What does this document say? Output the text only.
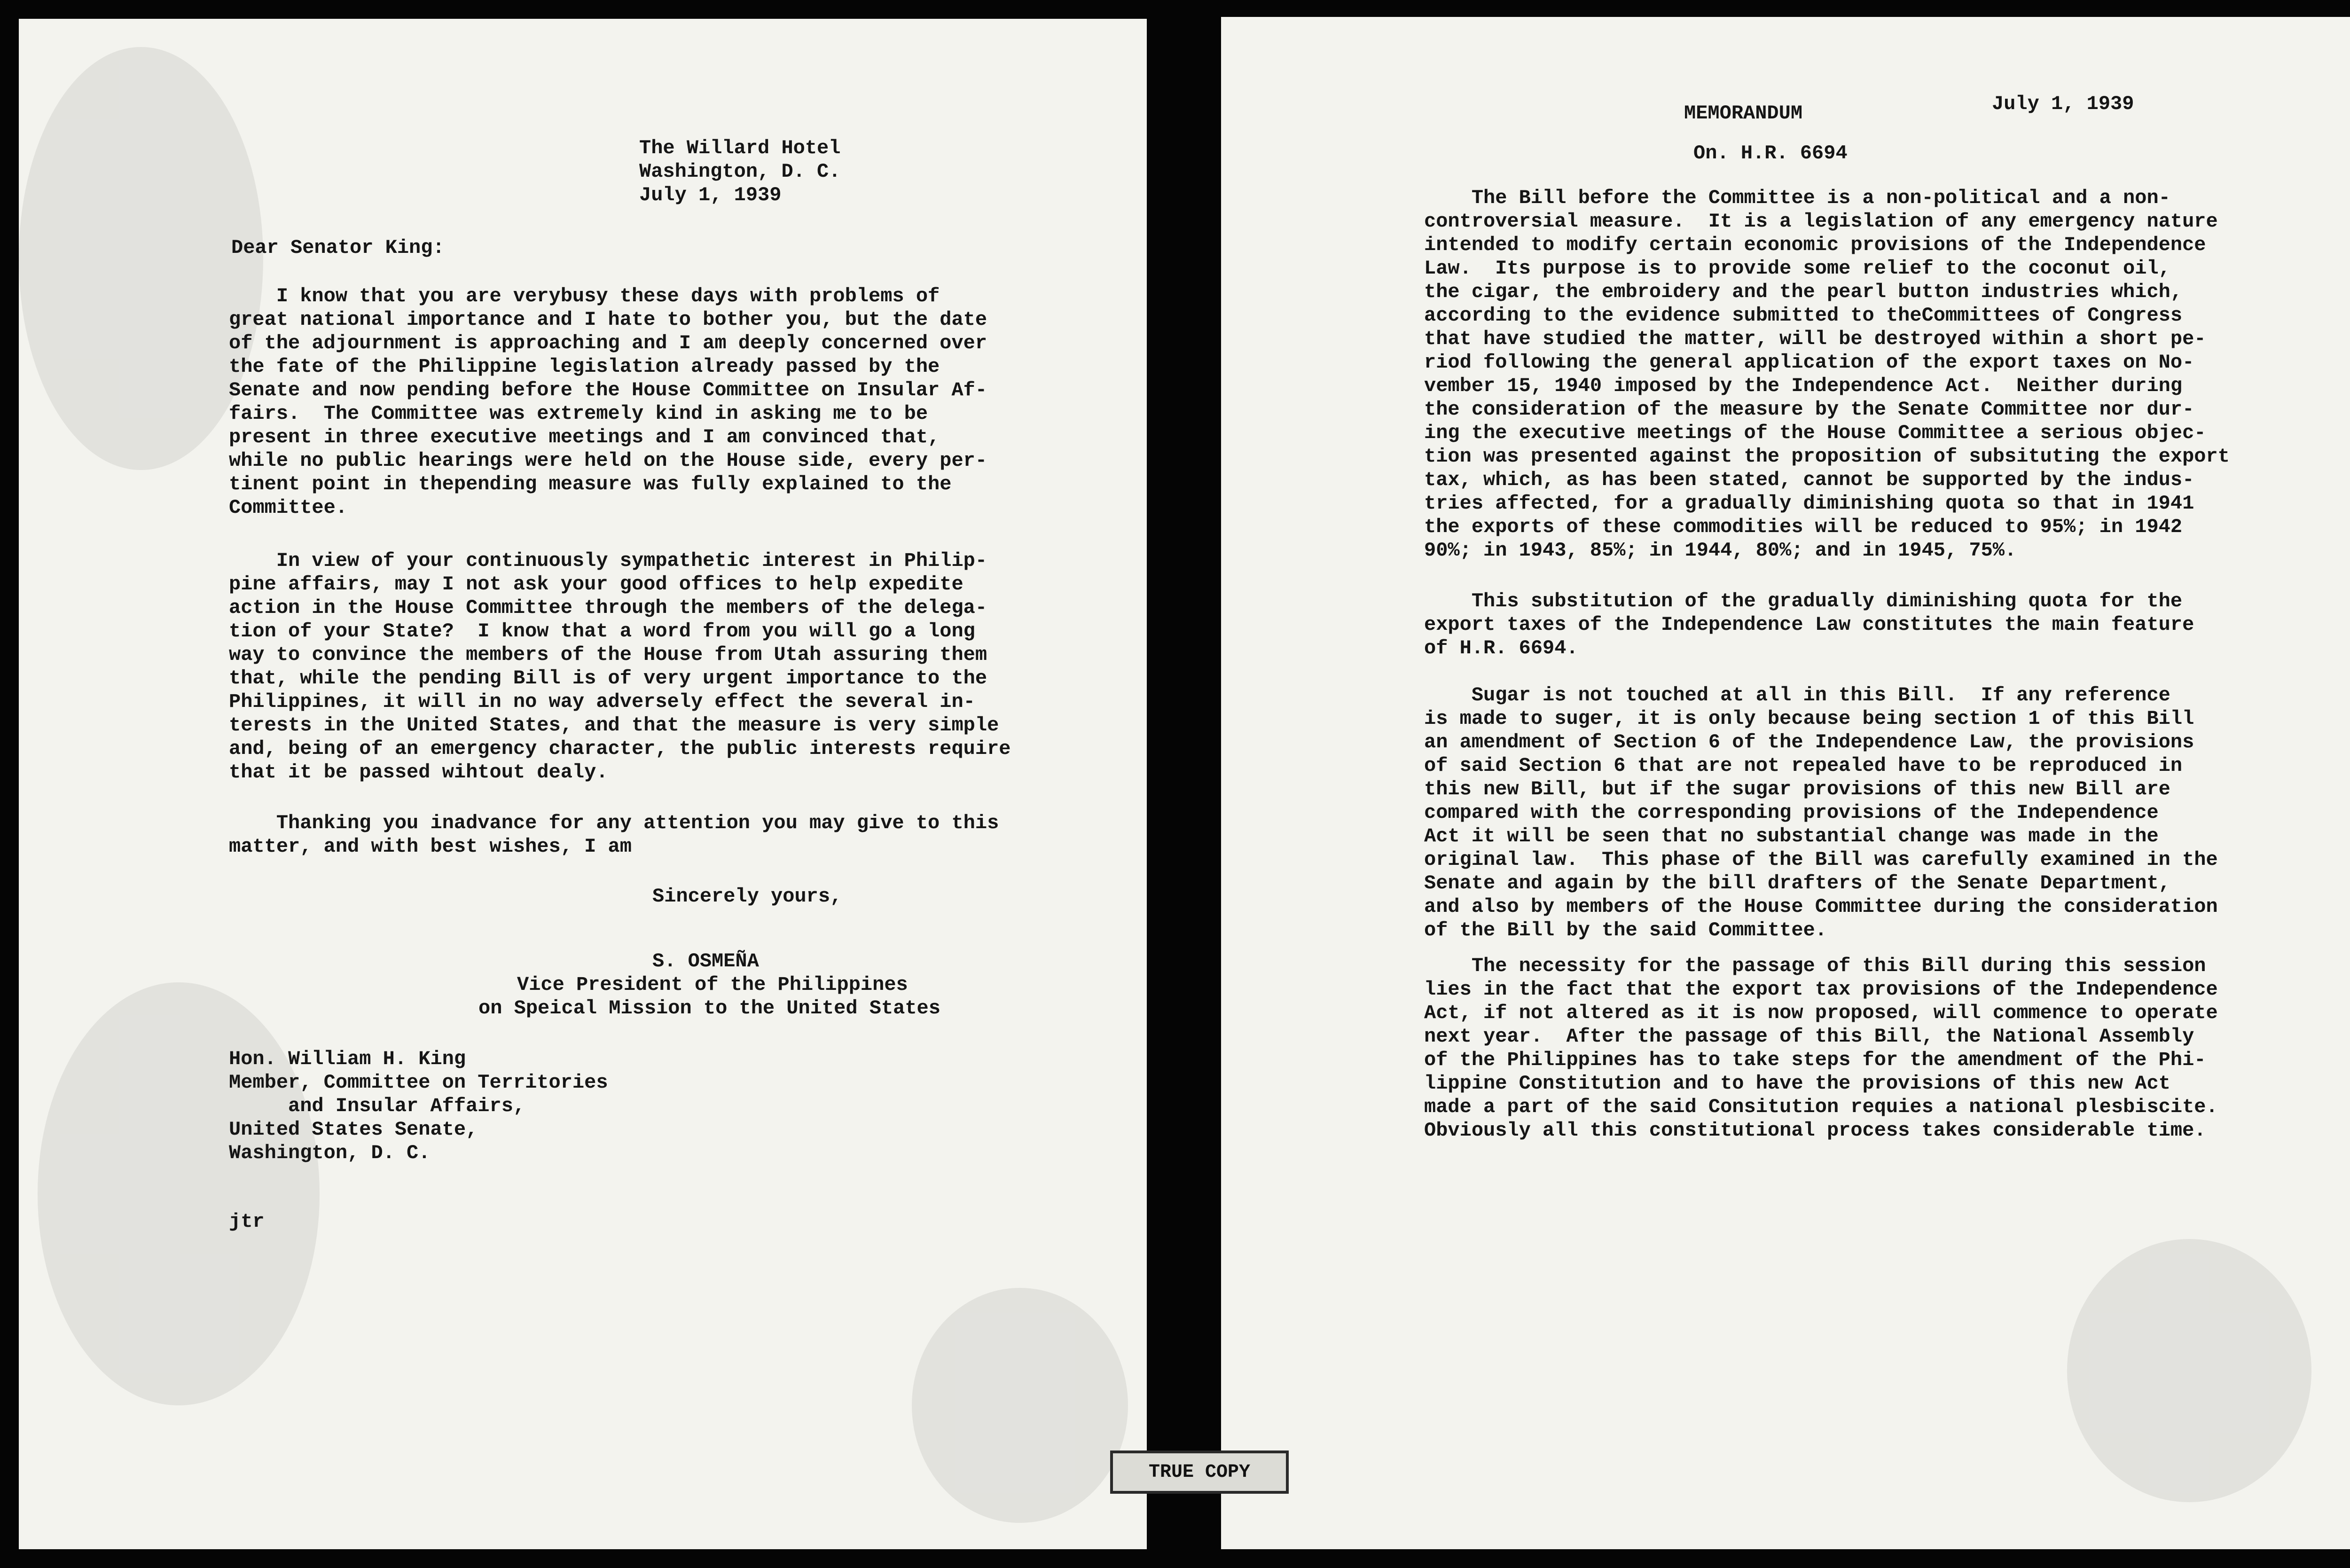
The Willard Hotel
Washington, D. C.
July 1, 1939
Dear Senator King:
I know that you are verybusy these days with problems of
great national importance and I hate to bother you, but the date
of the adjournment is approaching and I am deeply concerned over
the fate of the Philippine legislation already passed by the
Senate and now pending before the House Committee on Insular Af-
fairs.  The Committee was extremely kind in asking me to be
present in three executive meetings and I am convinced that,
while no public hearings were held on the House side, every per-
tinent point in thepending measure was fully explained to the
Committee.
In view of your continuously sympathetic interest in Philip-
pine affairs, may I not ask your good offices to help expedite
action in the House Committee through the members of the delega-
tion of your State?  I know that a word from you will go a long
way to convince the members of the House from Utah assuring them
that, while the pending Bill is of very urgent importance to the
Philippines, it will in no way adversely effect the several in-
terests in the United States, and that the measure is very simple
and, being of an emergency character, the public interests require
that it be passed wihtout dealy.
Thanking you inadvance for any attention you may give to this
matter, and with best wishes, I am
Sincerely yours,
S. OSMEÑA
Vice President of the Philippines
on Speical Mission to the United States
Hon. William H. King
Member, Committee on Territories
and Insular Affairs,
United States Senate,
Washington, D. C.
jtr
MEMORANDUM	July 1, 1939
On. H.R. 6694
The Bill before the Committee is a non-political and a non-
controversial measure.  It is a legislation of any emergency nature
intended to modify certain economic provisions of the Independence
Law.  Its purpose is to provide some relief to the coconut oil,
the cigar, the embroidery and the pearl button industries which,
according to the evidence submitted to theCommittees of Congress
that have studied the matter, will be destroyed within a short pe-
riod following the general application of the export taxes on No-
vember 15, 1940 imposed by the Independence Act.  Neither during
the consideration of the measure by the Senate Committee nor dur-
ing the executive meetings of the House Committee a serious objec-
tion was presented against the proposition of subsituting the export
tax, which, as has been stated, cannot be supported by the indus-
tries affected, for a gradually diminishing quota so that in 1941
the exports of these commodities will be reduced to 95%; in 1942
90%; in 1943, 85%; in 1944, 80%; and in 1945, 75%.
This substitution of the gradually diminishing quota for the
export taxes of the Independence Law constitutes the main feature
of H.R. 6694.
Sugar is not touched at all in this Bill.  If any reference
is made to suger, it is only because being section 1 of this Bill
an amendment of Section 6 of the Independence Law, the provisions
of said Section 6 that are not repealed have to be reproduced in
this new Bill, but if the sugar provisions of this new Bill are
compared with the corresponding provisions of the Independence
Act it will be seen that no substantial change was made in the
original law.  This phase of the Bill was carefully examined in the
Senate and again by the bill drafters of the Senate Department,
and also by members of the House Committee during the consideration
of the Bill by the said Committee.
The necessity for the passage of this Bill during this session
lies in the fact that the export tax provisions of the Independence
Act, if not altered as it is now proposed, will commence to operate
next year.  After the passage of this Bill, the National Assembly
of the Philippines has to take steps for the amendment of the Phi-
lippine Constitution and to have the provisions of this new Act
made a part of the said Consitution requies a national plesbiscite.
Obviously all this constitutional process takes considerable time.
TRUE COPY
